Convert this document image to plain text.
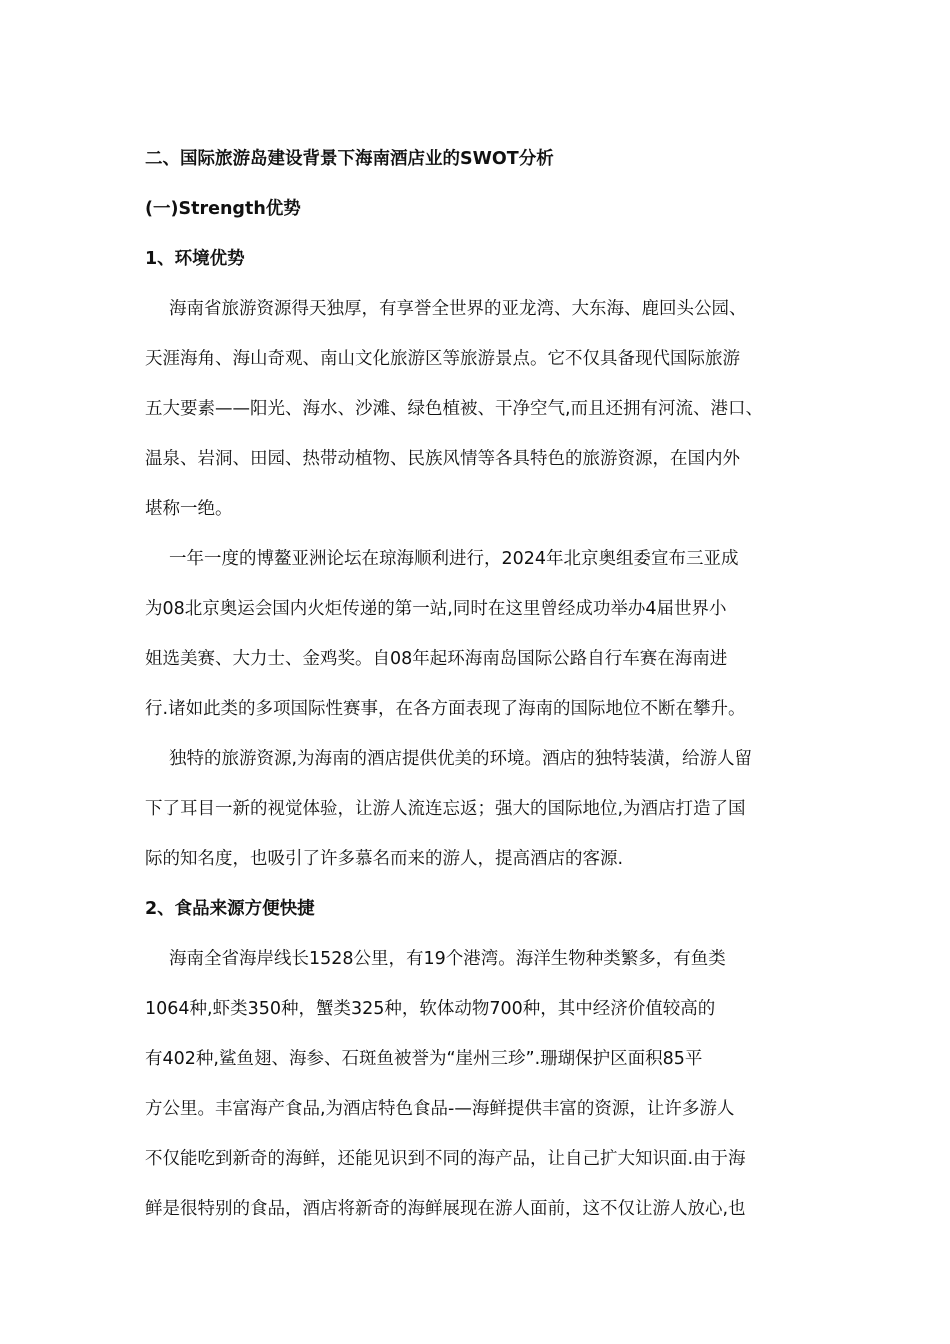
二、国际旅游岛建设背景下海南酒店业的SWOT分析
(一)Strength优势
1、环境优势
海南省旅游资源得天独厚，有享誉全世界的亚龙湾、大东海、鹿回头公园、
天涯海角、海山奇观、南山文化旅游区等旅游景点。它不仅具备现代国际旅游
五大要素——阳光、海水、沙滩、绿色植被、干净空气,而且还拥有河流、港口、
温泉、岩洞、田园、热带动植物、民族风情等各具特色的旅游资源，在国内外
堪称一绝。
一年一度的博鳌亚洲论坛在琼海顺利进行，2024年北京奥组委宣布三亚成
为08北京奥运会国内火炬传递的第一站,同时在这里曾经成功举办4届世界小
姐选美赛、大力士、金鸡奖。自08年起环海南岛国际公路自行车赛在海南进
行.诸如此类的多项国际性赛事，在各方面表现了海南的国际地位不断在攀升。
独特的旅游资源,为海南的酒店提供优美的环境。酒店的独特装潢，给游人留
下了耳目一新的视觉体验，让游人流连忘返；强大的国际地位,为酒店打造了国
际的知名度，也吸引了许多慕名而来的游人，提高酒店的客源.
2、食品来源方便快捷
海南全省海岸线长1528公里，有19个港湾。海洋生物种类繁多，有鱼类
1064种,虾类350种，蟹类325种，软体动物700种，其中经济价值较高的
有402种,鲨鱼翅、海参、石斑鱼被誉为“崖州三珍”.珊瑚保护区面积85平
方公里。丰富海产食品,为酒店特色食品-—海鲜提供丰富的资源，让许多游人
不仅能吃到新奇的海鲜，还能见识到不同的海产品，让自己扩大知识面.由于海
鲜是很特别的食品，酒店将新奇的海鲜展现在游人面前，这不仅让游人放心,也
